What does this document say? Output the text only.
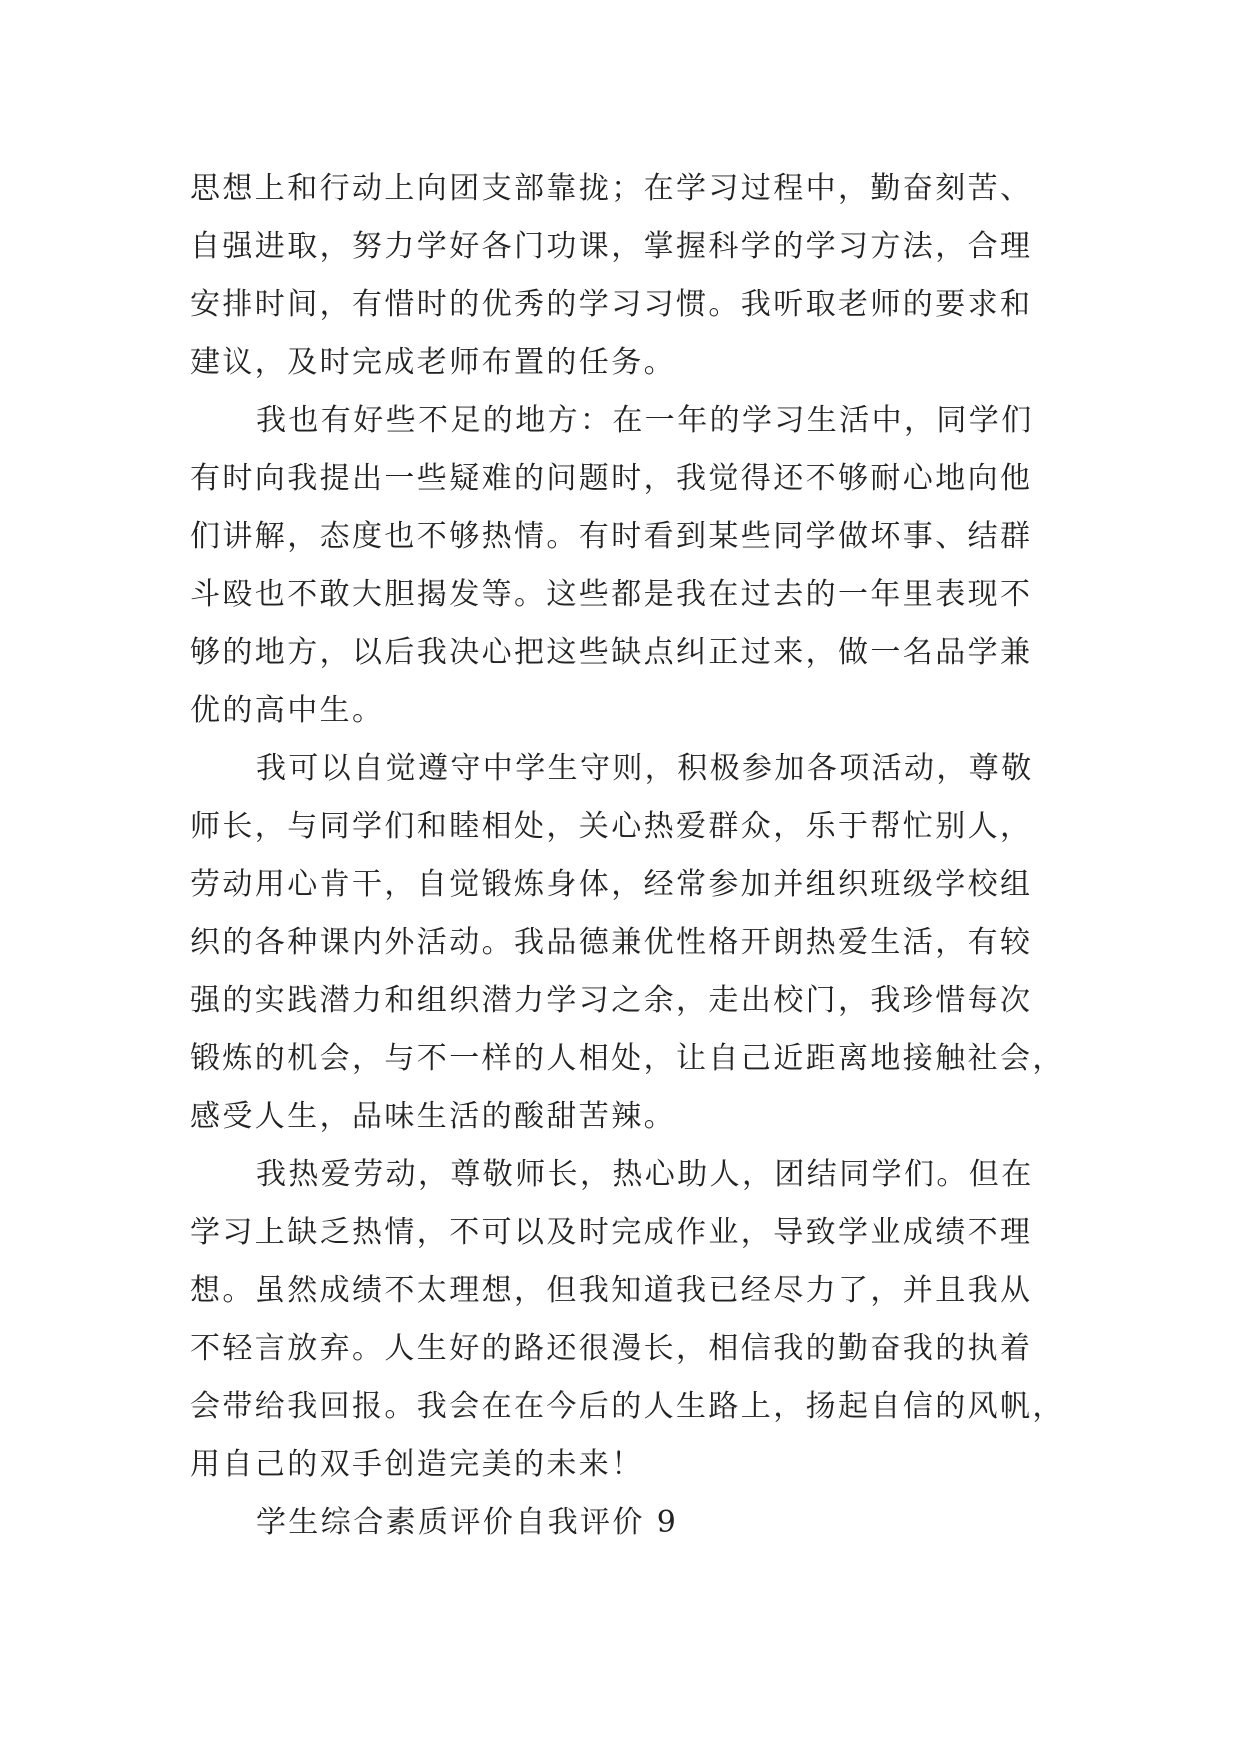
思想上和行动上向团支部靠拢；在学习过程中，勤奋刻苦、
自强进取，努力学好各门功课，掌握科学的学习方法，合理
安排时间，有惜时的优秀的学习习惯。我听取老师的要求和
建议，及时完成老师布置的任务。
我也有好些不足的地方：在一年的学习生活中，同学们
有时向我提出一些疑难的问题时，我觉得还不够耐心地向他
们讲解，态度也不够热情。有时看到某些同学做坏事、结群
斗殴也不敢大胆揭发等。这些都是我在过去的一年里表现不
够的地方，以后我决心把这些缺点纠正过来，做一名品学兼
优的高中生。
我可以自觉遵守中学生守则，积极参加各项活动，尊敬
师长，与同学们和睦相处，关心热爱群众，乐于帮忙别人，
劳动用心肯干，自觉锻炼身体，经常参加并组织班级学校组
织的各种课内外活动。我品德兼优性格开朗热爱生活，有较
强的实践潜力和组织潜力学习之余，走出校门，我珍惜每次
锻炼的机会，与不一样的人相处，让自己近距离地接触社会，
感受人生，品味生活的酸甜苦辣。
我热爱劳动，尊敬师长，热心助人，团结同学们。但在
学习上缺乏热情，不可以及时完成作业，导致学业成绩不理
想。虽然成绩不太理想，但我知道我已经尽力了，并且我从
不轻言放弃。人生好的路还很漫长，相信我的勤奋我的执着
会带给我回报。我会在在今后的人生路上，扬起自信的风帆，
用自己的双手创造完美的未来！
学生综合素质评价自我评价 9
